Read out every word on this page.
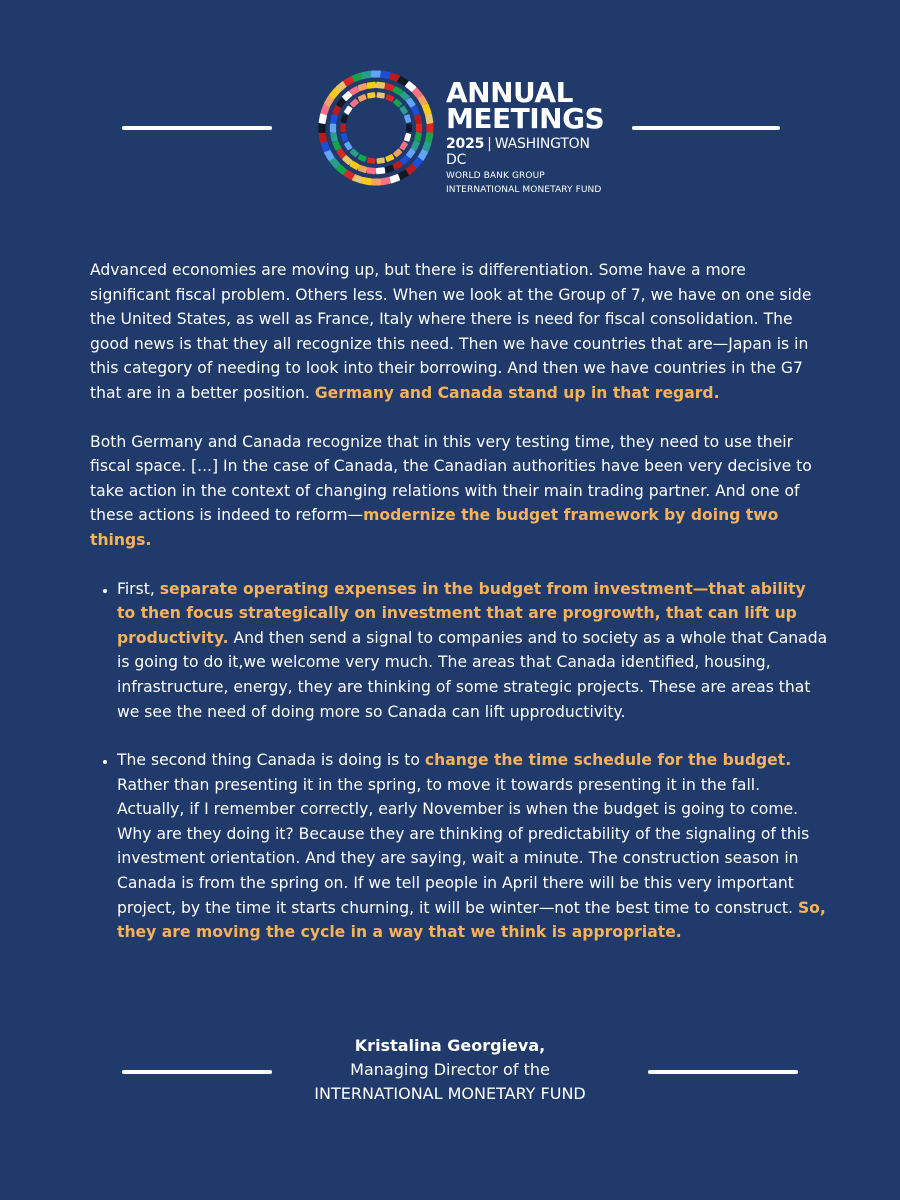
ANNUAL
MEETINGS
2025 | WASHINGTON DC
WORLD BANK GROUP
INTERNATIONAL MONETARY FUND

Advanced economies are moving up, but there is differentiation. Some have a more significant fiscal problem. Others less. When we look at the Group of 7, we have on one side the United States, as well as France, Italy where there is need for fiscal consolidation. The good news is that they all recognize this need. Then we have countries that are—Japan is in this category of needing to look into their borrowing. And then we have countries in the G7 that are in a better position. Germany and Canada stand up in that regard.

Both Germany and Canada recognize that in this very testing time, they need to use their fiscal space. [...] In the case of Canada, the Canadian authorities have been very decisive to take action in the context of changing relations with their main trading partner. And one of these actions is indeed to reform—modernize the budget framework by doing two things.

• First, separate operating expenses in the budget from investment—that ability to then focus strategically on investment that are progrowth, that can lift up productivity. And then send a signal to companies and to society as a whole that Canada is going to do it,we welcome very much. The areas that Canada identified, housing, infrastructure, energy, they are thinking of some strategic projects. These are areas that we see the need of doing more so Canada can lift upproductivity.
• The second thing Canada is doing is to change the time schedule for the budget. Rather than presenting it in the spring, to move it towards presenting it in the fall. Actually, if I remember correctly, early November is when the budget is going to come. Why are they doing it? Because they are thinking of predictability of the signaling of this investment orientation. And they are saying, wait a minute. The construction season in Canada is from the spring on. If we tell people in April there will be this very important project, by the time it starts churning, it will be winter—not the best time to construct. So, they are moving the cycle in a way that we think is appropriate.
Kristalina Georgieva,
Managing Director of the
INTERNATIONAL MONETARY FUND
